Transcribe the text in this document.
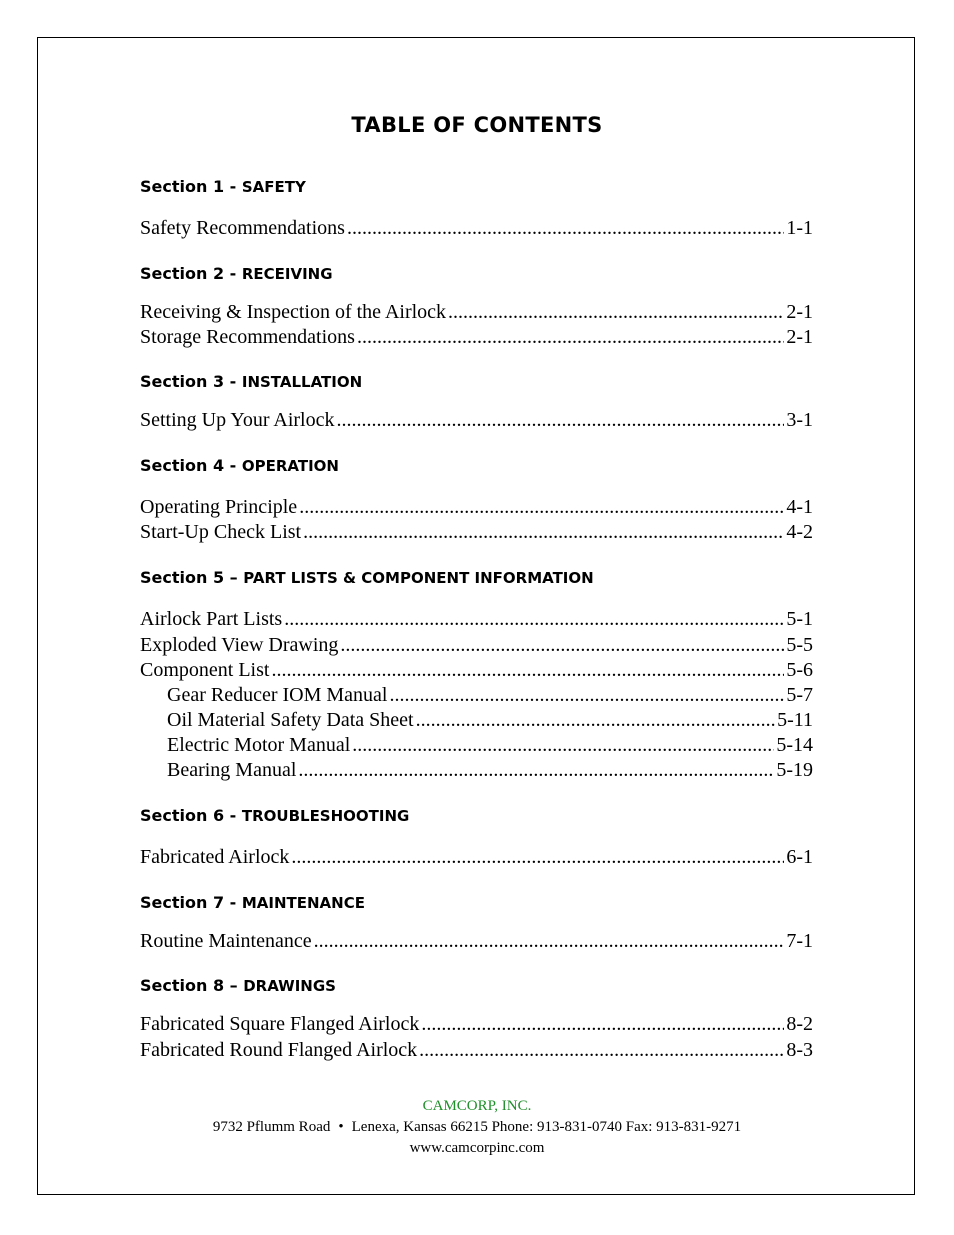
TABLE OF CONTENTS
Section 1 - SAFETY
Safety Recommendations .....	1-1
Section 2 - RECEIVING
Receiving & Inspection of the Airlock .....	2-1
Storage Recommendations .....	2-1
Section 3 - INSTALLATION
Setting Up Your Airlock .....	3-1
Section 4 - OPERATION
Operating Principle .....	4-1
Start-Up Check List .....	4-2
Section 5 – PART LISTS & COMPONENT INFORMATION
Airlock Part Lists .....	5-1
Exploded View Drawing .....	5-5
Component List .....	5-6
Gear Reducer IOM Manual .....	5-7
Oil Material Safety Data Sheet .....	5-11
Electric Motor Manual .....	5-14
Bearing Manual .....	5-19
Section 6 - TROUBLESHOOTING
Fabricated Airlock .....	6-1
Section 7 - MAINTENANCE
Routine Maintenance .....	7-1
Section 8 – DRAWINGS
Fabricated Square Flanged Airlock .....	8-2
Fabricated Round Flanged Airlock .....	8-3
CAMCORP, INC.
9732 Pflumm Road • Lenexa, Kansas 66215 Phone: 913-831-0740 Fax: 913-831-9271
www.camcorpinc.com
